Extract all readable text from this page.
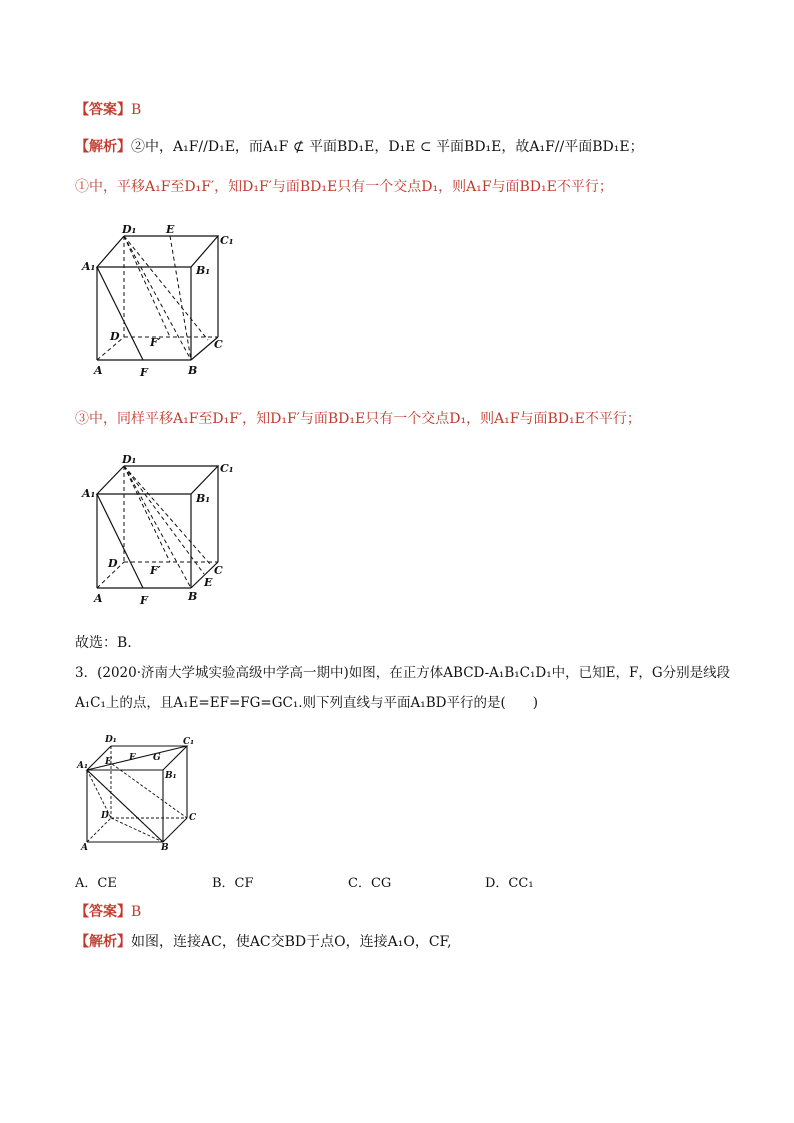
【答案】B
【解析】②中，A₁F//D₁E，而A₁F ⊄ 平面BD₁E，D₁E ⊂ 平面BD₁E，故A₁F//平面BD₁E；
①中，平移A₁F至D₁F′，知D₁F′与面BD₁E只有一个交点D₁，则A₁F与面BD₁E不平行；
D₁	E
C₁
A₁	B₁
D	F′	C
A	F	B
③中，同样平移A₁F至D₁F′，知D₁F′与面BD₁E只有一个交点D₁，则A₁F与面BD₁E不平行；
D₁
C₁
A₁	B₁
D
F′	C
E
A	F	B
故选：B.
3．(2020·济南大学城实验高级中学高一期中)如图，在正方体ABCD-A₁B₁C₁D₁中，已知E，F，G分别是线段
A₁C₁上的点，且A₁E=EF=FG=GC₁.则下列直线与平面A₁BD平行的是(　　)
D₁	C₁
A₁ E F G
B₁
D	C
A	B
A．CE	B．CF	C．CG	D．CC₁
【答案】B
【解析】如图，连接AC，使AC交BD于点O，连接A₁O，CF,
